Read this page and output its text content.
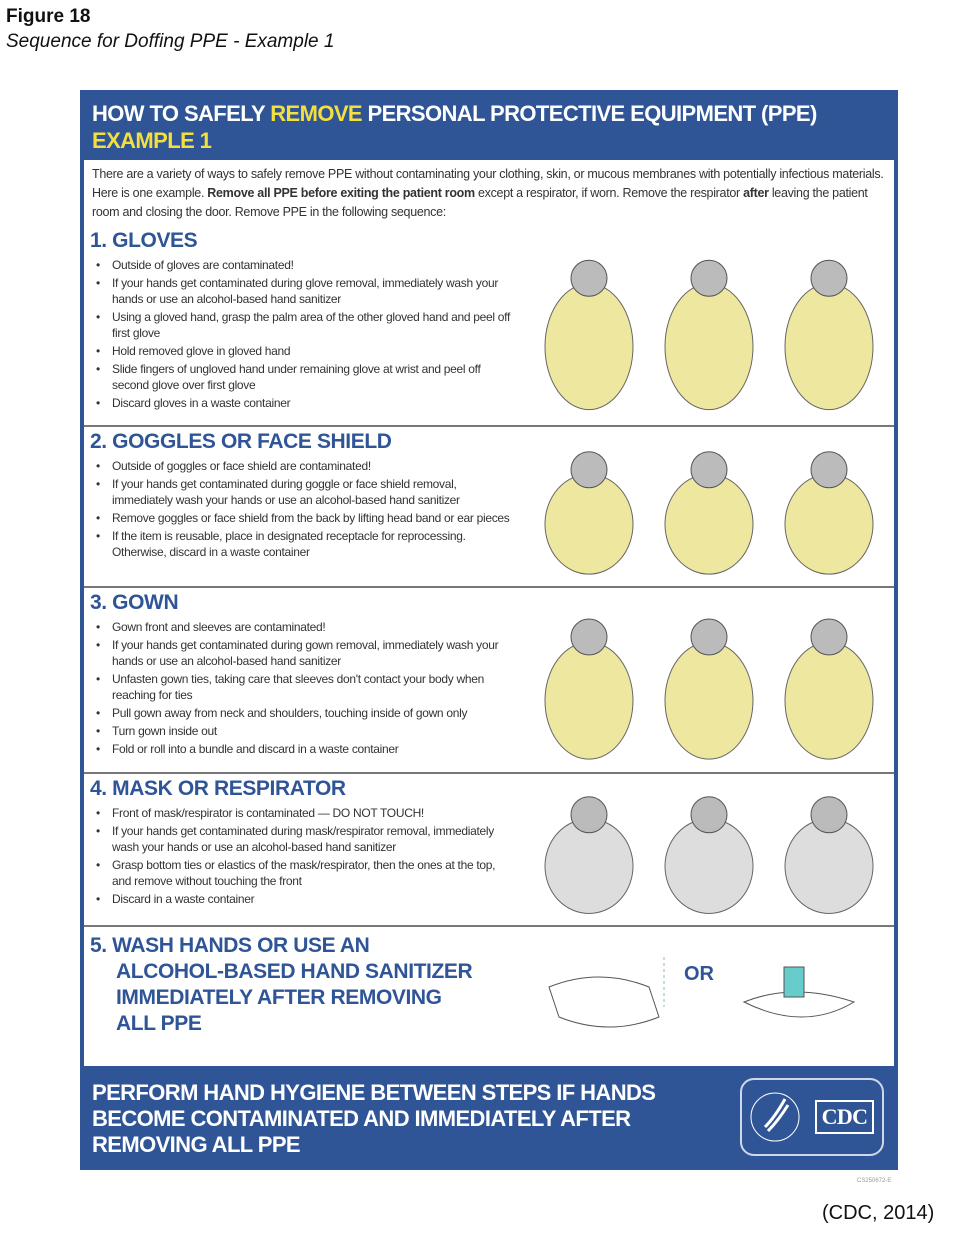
Figure 18
Sequence for Doffing PPE - Example 1
HOW TO SAFELY REMOVE PERSONAL PROTECTIVE EQUIPMENT (PPE)
EXAMPLE 1
There are a variety of ways to safely remove PPE without contaminating your clothing, skin, or mucous membranes with potentially infectious materials. Here is one example. Remove all PPE before exiting the patient room except a respirator, if worn. Remove the respirator after leaving the patient room and closing the door. Remove PPE in the following sequence:
1. GLOVES
• Outside of gloves are contaminated!
• If your hands get contaminated during glove removal, immediately wash your hands or use an alcohol-based hand sanitizer
• Using a gloved hand, grasp the palm area of the other gloved hand and peel off first glove
• Hold removed glove in gloved hand
• Slide fingers of ungloved hand under remaining glove at wrist and peel off second glove over first glove
• Discard gloves in a waste container
2. GOGGLES OR FACE SHIELD
• Outside of goggles or face shield are contaminated!
• If your hands get contaminated during goggle or face shield removal, immediately wash your hands or use an alcohol-based hand sanitizer
• Remove goggles or face shield from the back by lifting head band or ear pieces
• If the item is reusable, place in designated receptacle for reprocessing. Otherwise, discard in a waste container
3. GOWN
• Gown front and sleeves are contaminated!
• If your hands get contaminated during gown removal, immediately wash your hands or use an alcohol-based hand sanitizer
• Unfasten gown ties, taking care that sleeves don't contact your body when reaching for ties
• Pull gown away from neck and shoulders, touching inside of gown only
• Turn gown inside out
• Fold or roll into a bundle and discard in a waste container
4. MASK OR RESPIRATOR
• Front of mask/respirator is contaminated — DO NOT TOUCH!
• If your hands get contaminated during mask/respirator removal, immediately wash your hands or use an alcohol-based hand sanitizer
• Grasp bottom ties or elastics of the mask/respirator, then the ones at the top, and remove without touching the front
• Discard in a waste container
5. WASH HANDS OR USE AN
ALCOHOL-BASED HAND SANITIZER
IMMEDIATELY AFTER REMOVING
ALL PPE
OR
PERFORM HAND HYGIENE BETWEEN STEPS IF HANDS BECOME CONTAMINATED AND IMMEDIATELY AFTER REMOVING ALL PPE
CDC
CS250672-E
(CDC, 2014)
